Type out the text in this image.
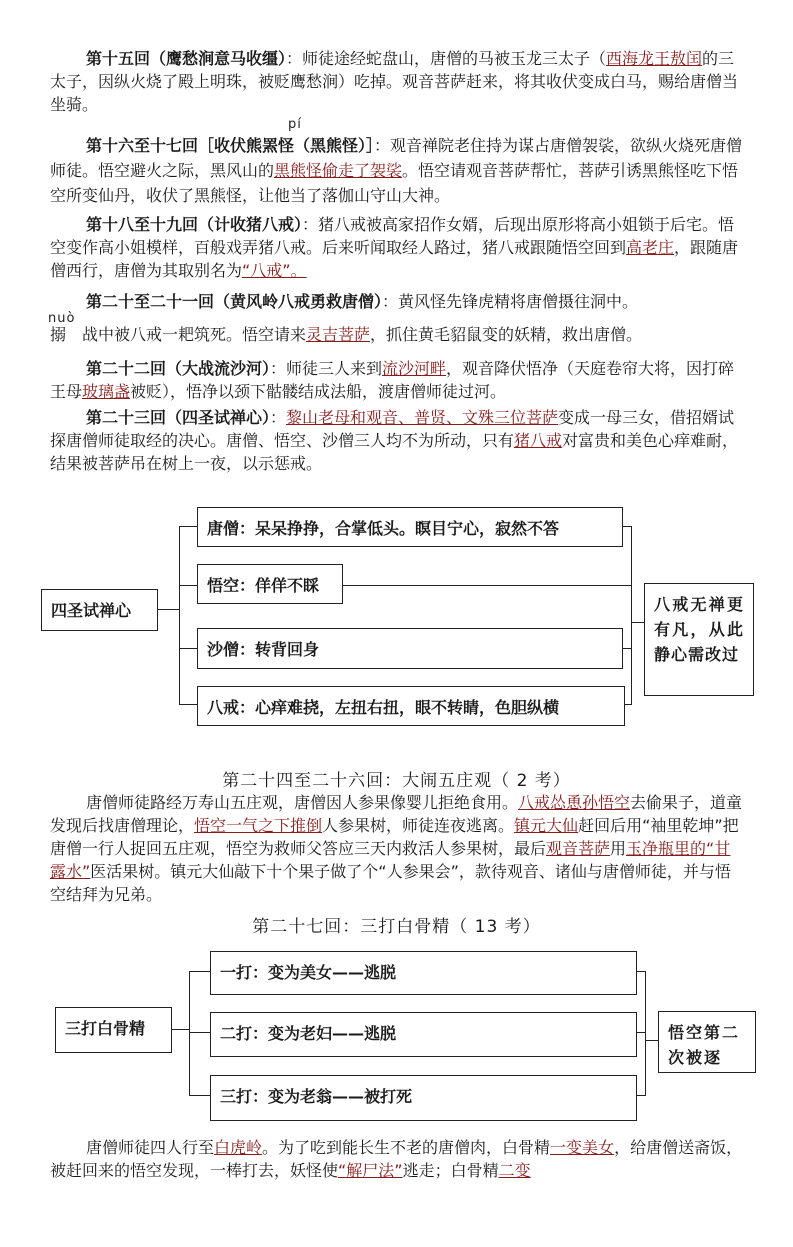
第十五回（鹰愁涧意马收缰）：师徒途经蛇盘山，唐僧的马被玉龙三太子（西海龙王敖闰的三太子，因纵火烧了殿上明珠，被贬鹰愁涧）吃掉。观音菩萨赶来，将其收伏变成白马，赐给唐僧当坐骑。

pí

第十六至十七回［收伏熊罴怪（黑熊怪）］：观音禅院老住持为谋占唐僧袈裟，欲纵火烧死唐僧师徒。悟空避火之际，黑风山的黑熊怪偷走了袈裟。悟空请观音菩萨帮忙，菩萨引诱黑熊怪吃下悟空所变仙丹，收伏了黑熊怪，让他当了落伽山守山大神。

第十八至十九回（计收猪八戒）：猪八戒被高家招作女婿，后现出原形将高小姐锁于后宅。悟空变作高小姐模样，百般戏弄猪八戒。后来听闻取经人路过，猪八戒跟随悟空回到高老庄，跟随唐僧西行，唐僧为其取别名为“八戒”。

第二十至二十一回（黄风岭八戒勇救唐僧）：黄风怪先锋虎精将唐僧摄往洞中。

nuò

搦  战中被八戒一耙筑死。悟空请来灵吉菩萨，抓住黄毛貂鼠变的妖精，救出唐僧。

第二十二回（大战流沙河）：师徒三人来到流沙河畔，观音降伏悟净（天庭卷帘大将，因打碎王母玻璃盏被贬），悟净以颈下骷髅结成法船，渡唐僧师徒过河。

第二十三回（四圣试禅心）：黎山老母和观音、普贤、文殊三位菩萨变成一母三女，借招婿试探唐僧师徒取经的决心。唐僧、悟空、沙僧三人均不为所动，只有猪八戒对富贵和美色心痒难耐，结果被菩萨吊在树上一夜，以示惩戒。

四圣试禅心
唐僧：呆呆挣挣，合掌低头。瞑目宁心，寂然不答
悟空：佯佯不睬
沙僧：转背回身
八戒：心痒难挠，左扭右扭，眼不转睛，色胆纵横
八戒无禅更有凡，从此静心需改过
第二十四至二十六回：大闹五庄观（ 2 考）

唐僧师徒路经万寿山五庄观，唐僧因人参果像婴儿拒绝食用。八戒怂恿孙悟空去偷果子，道童发现后找唐僧理论，悟空一气之下推倒人参果树，师徒连夜逃离。镇元大仙赶回后用“袖里乾坤”把唐僧一行人捉回五庄观，悟空为救师父答应三天内救活人参果树，最后观音菩萨用玉净瓶里的“甘露水”医活果树。镇元大仙敲下十个果子做了个“人参果会”，款待观音、诸仙与唐僧师徒，并与悟空结拜为兄弟。

第二十七回：三打白骨精（ 13 考）
三打白骨精
一打：变为美女——逃脱
二打：变为老妇——逃脱
三打：变为老翁——被打死
悟空第二次被逐

唐僧师徒四人行至白虎岭。为了吃到能长生不老的唐僧肉，白骨精一变美女，给唐僧送斋饭，被赶回来的悟空发现，一棒打去，妖怪使“解尸法”逃走；白骨精二变
